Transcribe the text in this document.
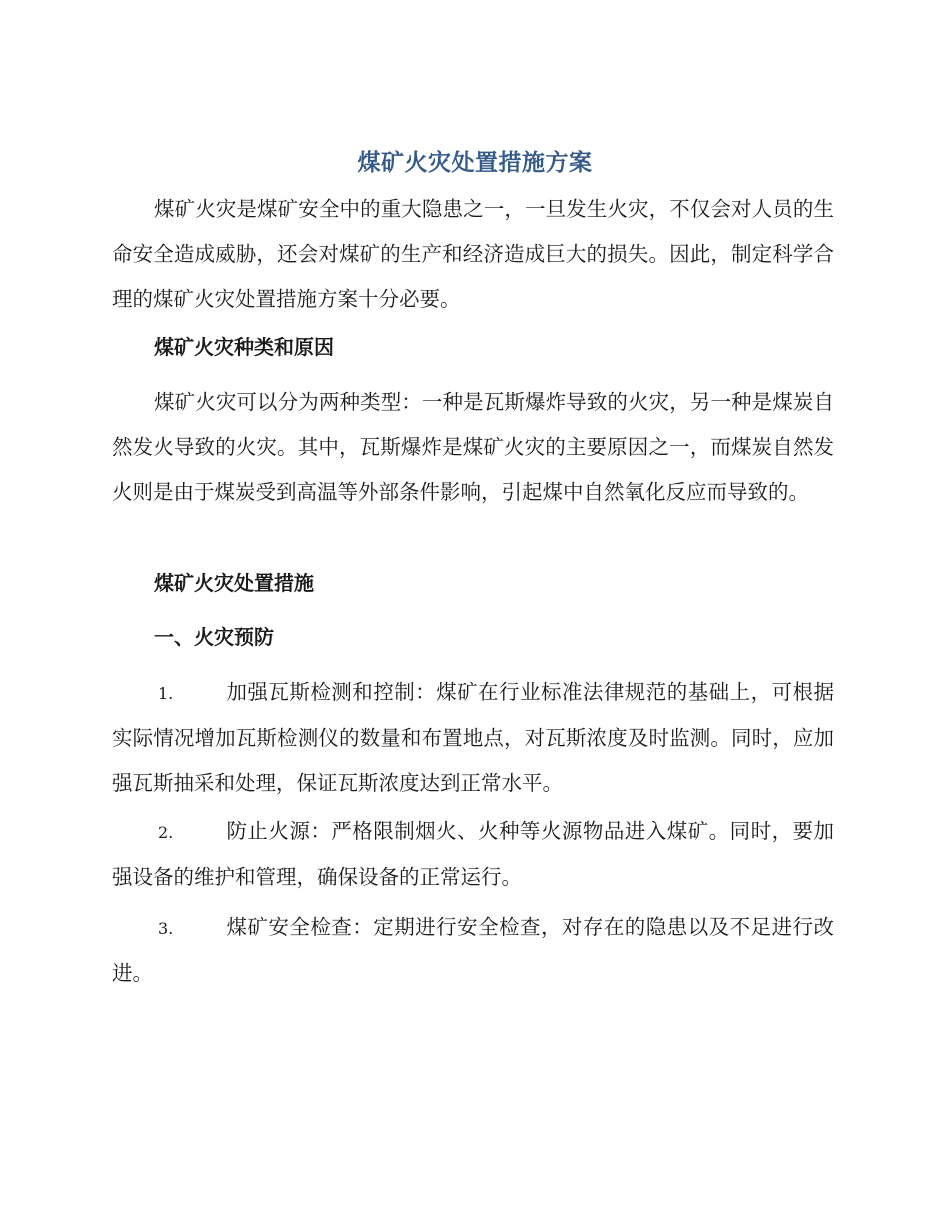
煤矿火灾处置措施方案
煤矿火灾是煤矿安全中的重大隐患之一，一旦发生火灾，不仅会对人员的生命安全造成威胁，还会对煤矿的生产和经济造成巨大的损失。因此，制定科学合理的煤矿火灾处置措施方案十分必要。
煤矿火灾种类和原因
煤矿火灾可以分为两种类型：一种是瓦斯爆炸导致的火灾，另一种是煤炭自然发火导致的火灾。其中，瓦斯爆炸是煤矿火灾的主要原因之一，而煤炭自然发火则是由于煤炭受到高温等外部条件影响，引起煤中自然氧化反应而导致的。
煤矿火灾处置措施
一、火灾预防
1.	加强瓦斯检测和控制：煤矿在行业标准法律规范的基础上，可根据实际情况增加瓦斯检测仪的数量和布置地点，对瓦斯浓度及时监测。同时，应加强瓦斯抽采和处理，保证瓦斯浓度达到正常水平。
2.	防止火源：严格限制烟火、火种等火源物品进入煤矿。同时，要加强设备的维护和管理，确保设备的正常运行。
3.	煤矿安全检查：定期进行安全检查，对存在的隐患以及不足进行改进。
